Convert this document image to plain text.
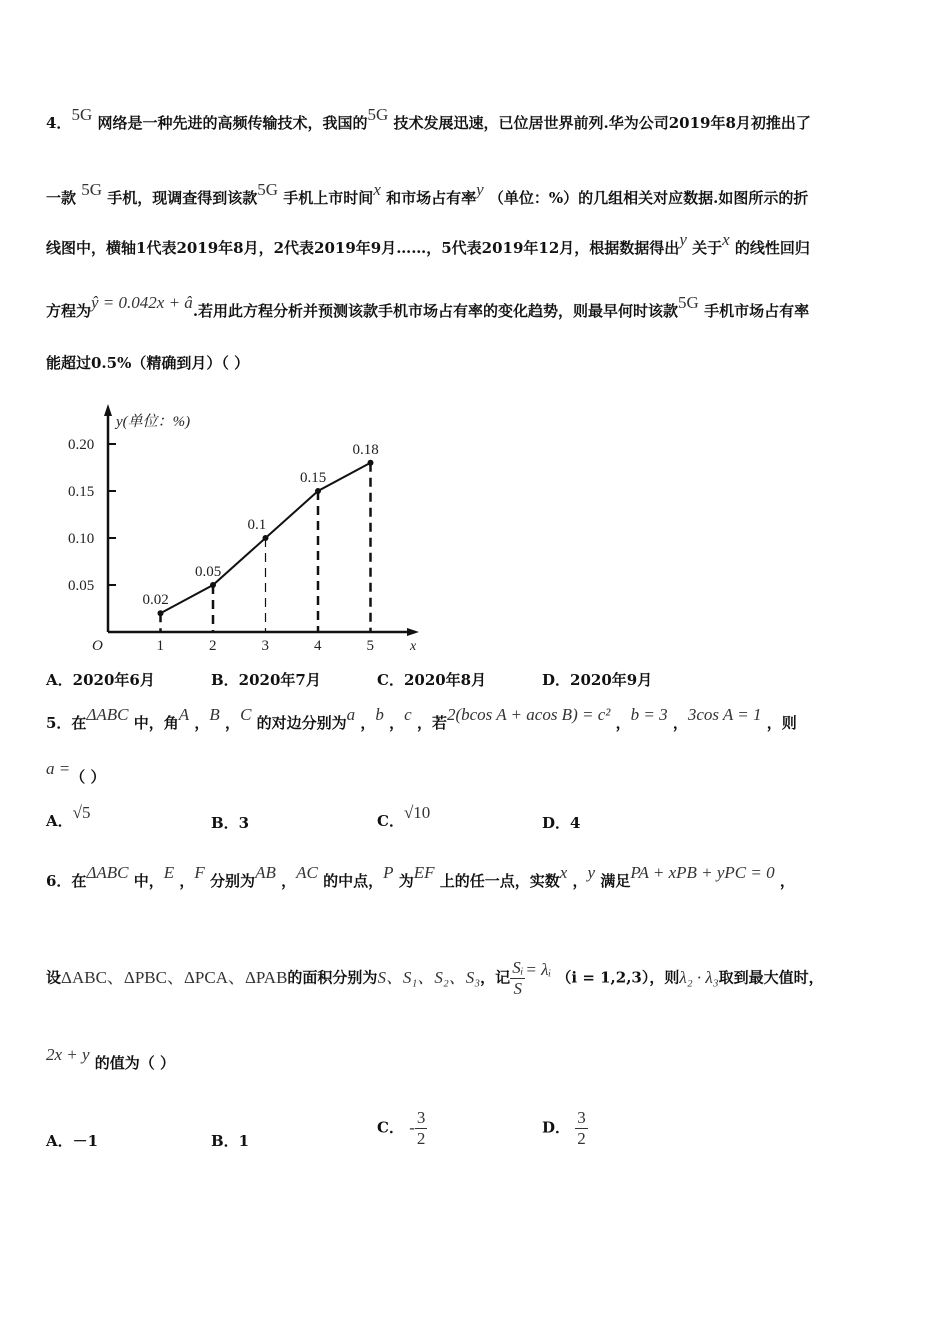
4．5G 网络是一种先进的高频传输技术，我国的5G 技术发展迅速，已位居世界前列.华为公司2019年8月初推出了
一款 5G 手机，现调查得到该款5G 手机上市时间x 和市场占有率y （单位：%）的几组相关对应数据.如图所示的折
线图中，横轴1代表2019年8月，2代表2019年9月……，5代表2019年12月，根据数据得出y 关于x 的线性回归
方程为ŷ = 0.042x + â.若用此方程分析并预测该款手机市场占有率的变化趋势，则最早何时该款5G 手机市场占有率
能超过0.5%（精确到月）（ ）
y(单位：%)
x
O
0.05
0.10
0.15
0.20
1	2	3	4	5
0.02
0.05
0.1
0.15
0.18
A．2020年6月	B．2020年7月	C．2020年8月	D．2020年9月
5．在ΔABC 中，角A ，B ，C 的对边分别为a ，b ，c ，若2(bcos A + acos B) = c² ，b = 3 ，3cos A = 1 ，则
a =（ ）
A．√5
B．3	C．√10
D．4
6．在ΔABC 中，E ，F 分别为AB ，AC 的中点，P 为EF 上的任一点，实数x ，y 满足PA + xPB + yPC = 0 ，
设ΔABC、ΔPBC、ΔPCA、ΔPAB的面积分别为S、S₁、S₂、S₃，记 $\frac{\text{Sᵢ}}{S}$ = λᵢ （i = 1,2,3），则λ₂ · λ₃取到最大值时，
2x + y 的值为（ ）
A．－1	B．1
C． - $\frac{3}{2}$	D． $\frac{3}{2}$
